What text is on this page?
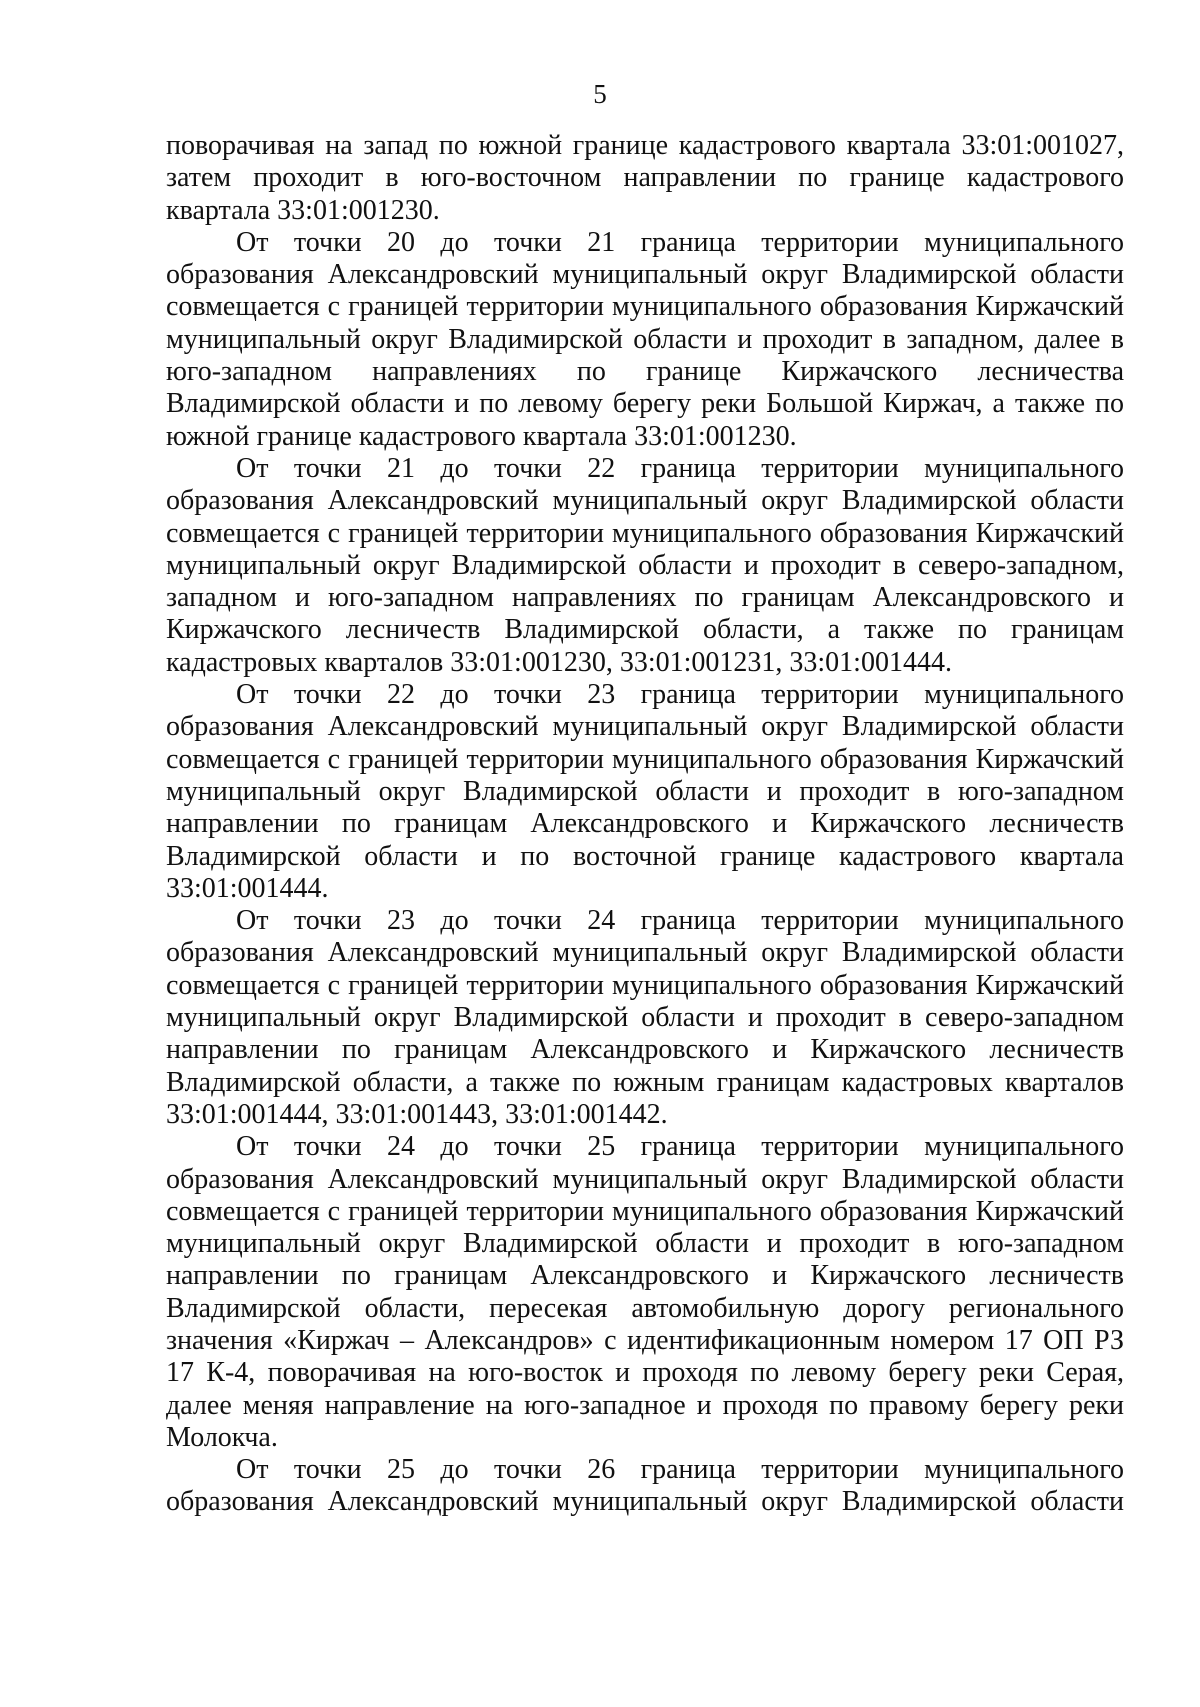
5

поворачивая на запад по южной границе кадастрового квартала 33:01:001027, затем проходит в юго-восточном направлении по границе кадастрового квартала 33:01:001230.

От точки 20 до точки 21 граница территории муниципального образования Александровский муниципальный округ Владимирской области совмещается с границей территории муниципального образования Киржачский муниципальный округ Владимирской области и проходит в западном, далее в юго-западном направлениях по границе Киржачского лесничества Владимирской области и по левому берегу реки Большой Киржач, а также по южной границе кадастрового квартала 33:01:001230.

От точки 21 до точки 22 граница территории муниципального образования Александровский муниципальный округ Владимирской области совмещается с границей территории муниципального образования Киржачский муниципальный округ Владимирской области и проходит в северо-западном, западном и юго-западном направлениях по границам Александровского и Киржачского лесничеств Владимирской области, а также по границам кадастровых кварталов 33:01:001230, 33:01:001231, 33:01:001444.

От точки 22 до точки 23 граница территории муниципального образования Александровский муниципальный округ Владимирской области совмещается с границей территории муниципального образования Киржачский муниципальный округ Владимирской области и проходит в юго-западном направлении по границам Александровского и Киржачского лесничеств Владимирской области и по восточной границе кадастрового квартала 33:01:001444.

От точки 23 до точки 24 граница территории муниципального образования Александровский муниципальный округ Владимирской области совмещается с границей территории муниципального образования Киржачский муниципальный округ Владимирской области и проходит в северо-западном направлении по границам Александровского и Киржачского лесничеств Владимирской области, а также по южным границам кадастровых кварталов 33:01:001444, 33:01:001443, 33:01:001442.

От точки 24 до точки 25 граница территории муниципального образования Александровский муниципальный округ Владимирской области совмещается с границей территории муниципального образования Киржачский муниципальный округ Владимирской области и проходит в юго-западном направлении по границам Александровского и Киржачского лесничеств Владимирской области, пересекая автомобильную дорогу регионального значения «Киржач – Александров» с идентификационным номером 17 ОП РЗ 17 К-4, поворачивая на юго-восток и проходя по левому берегу реки Серая, далее меняя направление на юго-западное и проходя по правому берегу реки Молокча.

От точки 25 до точки 26 граница территории муниципального образования Александровский муниципальный округ Владимирской области
